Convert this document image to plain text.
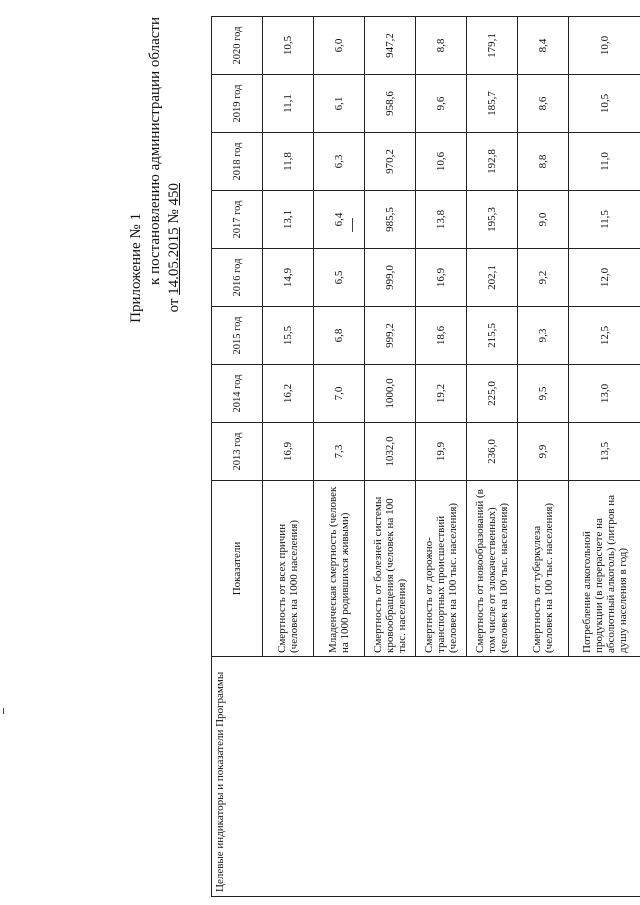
Приложение № 1 к постановлению администрации области
от 14.05.2015 № 450
Целевые индикаторы и показатели Программы
Показатели	2013 год	2014 год	2015 год	2016 год	2017 год	2018 год	2019 год	2020 год
Смертность от всех причин (человек на 1000 населения)	16,9	16,2	15,5	14,9	13,1	11,8	11,1	10,5
Младенческая смертность (человек на 1000 родившихся живыми)	7,3	7,0	6,8	6,5	6,4	6,3	6,1	6,0
Смертность от болезней системы кровообращения (человек на 100 тыс. населения)	1032,0	1000,0	999,2	999,0	985,5	970,2	958,6	947,2
Смертность от дорожно-транспортных происшествий (человек на 100 тыс. населения)	19,9	19,2	18,6	16,9	13,8	10,6	9,6	8,8
Смертность от новообразований (в том числе от злокачественных) (человек на 100 тыс. населения)	236,0	225,0	215,5	202,1	195,3	192,8	185,7	179,1
Смертность от туберкулеза (человек на 100 тыс. населения)	9,9	9,5	9,3	9,2	9,0	8,8	8,6	8,4
Потребление алкогольной продукции (в перерасчете на абсолютный алкоголь) (литров на душу населения в год)	13,5	13,0	12,5	12,0	11,5	11,0	10,5	10,0
